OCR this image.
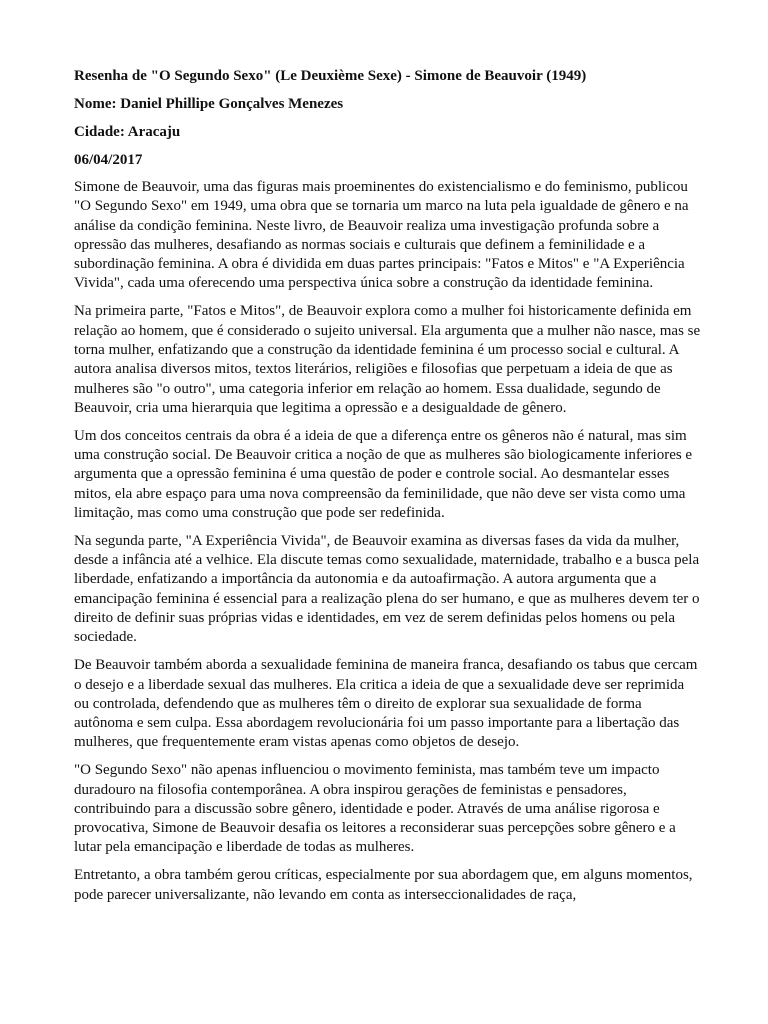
Resenha de "O Segundo Sexo" (Le Deuxième Sexe) - Simone de Beauvoir (1949)
Nome: Daniel Phillipe Gonçalves Menezes
Cidade: Aracaju
06/04/2017

Simone de Beauvoir, uma das figuras mais proeminentes do existencialismo e do feminismo, publicou "O Segundo Sexo" em 1949, uma obra que se tornaria um marco na luta pela igualdade de gênero e na análise da condição feminina. Neste livro, de Beauvoir realiza uma investigação profunda sobre a opressão das mulheres, desafiando as normas sociais e culturais que definem a feminilidade e a subordinação feminina. A obra é dividida em duas partes principais: "Fatos e Mitos" e "A Experiência Vivida", cada uma oferecendo uma perspectiva única sobre a construção da identidade feminina.

Na primeira parte, "Fatos e Mitos", de Beauvoir explora como a mulher foi historicamente definida em relação ao homem, que é considerado o sujeito universal. Ela argumenta que a mulher não nasce, mas se torna mulher, enfatizando que a construção da identidade feminina é um processo social e cultural. A autora analisa diversos mitos, textos literários, religiões e filosofias que perpetuam a ideia de que as mulheres são "o outro", uma categoria inferior em relação ao homem. Essa dualidade, segundo de Beauvoir, cria uma hierarquia que legitima a opressão e a desigualdade de gênero.

Um dos conceitos centrais da obra é a ideia de que a diferença entre os gêneros não é natural, mas sim uma construção social. De Beauvoir critica a noção de que as mulheres são biologicamente inferiores e argumenta que a opressão feminina é uma questão de poder e controle social. Ao desmantelar esses mitos, ela abre espaço para uma nova compreensão da feminilidade, que não deve ser vista como uma limitação, mas como uma construção que pode ser redefinida.

Na segunda parte, "A Experiência Vivida", de Beauvoir examina as diversas fases da vida da mulher, desde a infância até a velhice. Ela discute temas como sexualidade, maternidade, trabalho e a busca pela liberdade, enfatizando a importância da autonomia e da autoafirmação. A autora argumenta que a emancipação feminina é essencial para a realização plena do ser humano, e que as mulheres devem ter o direito de definir suas próprias vidas e identidades, em vez de serem definidas pelos homens ou pela sociedade.

De Beauvoir também aborda a sexualidade feminina de maneira franca, desafiando os tabus que cercam o desejo e a liberdade sexual das mulheres. Ela critica a ideia de que a sexualidade deve ser reprimida ou controlada, defendendo que as mulheres têm o direito de explorar sua sexualidade de forma autônoma e sem culpa. Essa abordagem revolucionária foi um passo importante para a libertação das mulheres, que frequentemente eram vistas apenas como objetos de desejo.

"O Segundo Sexo" não apenas influenciou o movimento feminista, mas também teve um impacto duradouro na filosofia contemporânea. A obra inspirou gerações de feministas e pensadores, contribuindo para a discussão sobre gênero, identidade e poder. Através de uma análise rigorosa e provocativa, Simone de Beauvoir desafia os leitores a reconsiderar suas percepções sobre gênero e a lutar pela emancipação e liberdade de todas as mulheres.

Entretanto, a obra também gerou críticas, especialmente por sua abordagem que, em alguns momentos, pode parecer universalizante, não levando em conta as interseccionalidades de raça,
